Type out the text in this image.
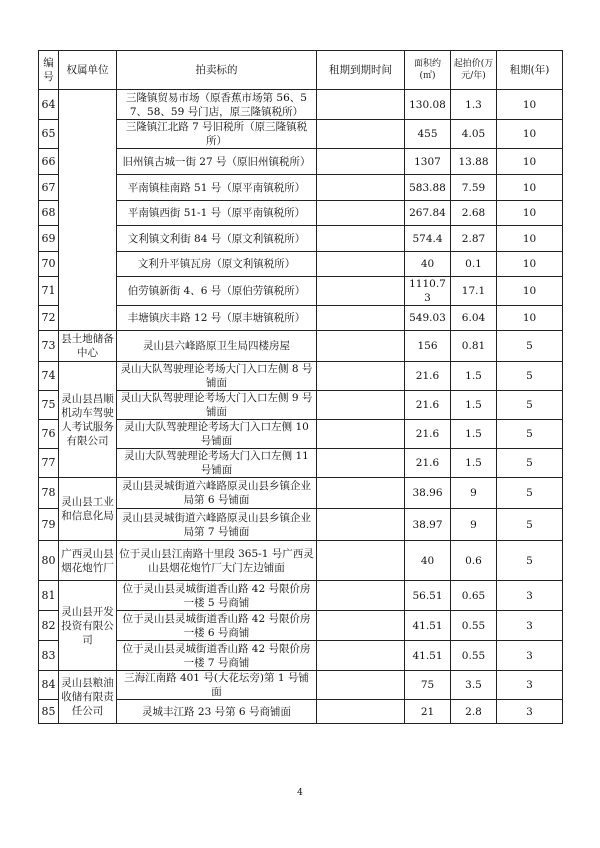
编号	权属单位	拍卖标的	租期到期时间	面积约(㎡)	起拍价(万元/年)	租期(年)
64		三隆镇贸易市场（原香蕉市场第 56、57、58、59 号门店，原三隆镇税所）		130.08	1.3	10
65		三隆镇江北路 7 号旧税所（原三隆镇税所）		455	4.05	10
66		旧州镇古城一街 27 号（原旧州镇税所）		1307	13.88	10
67		平南镇桂南路 51 号（原平南镇税所）		583.88	7.59	10
68		平南镇西街 51-1 号（原平南镇税所）		267.84	2.68	10
69		文利镇文利街 84 号（原文利镇税所）		574.4	2.87	10
70		文利升平镇瓦房（原文利镇税所）		40	0.1	10
71		伯劳镇新街 4、6 号（原伯劳镇税所）		1110.73	17.1	10
72		丰塘镇庆丰路 12 号（原丰塘镇税所）		549.03	6.04	10
73	县土地储备中心	灵山县六峰路原卫生局四楼房屋		156	0.81	5
74	灵山县昌顺机动车驾驶人考试服务有限公司	灵山大队驾驶理论考场大门入口左侧 8 号铺面		21.6	1.5	5
75		灵山大队驾驶理论考场大门入口左侧 9 号铺面		21.6	1.5	5
76		灵山大队驾驶理论考场大门入口左侧 10 号铺面		21.6	1.5	5
77		灵山大队驾驶理论考场大门入口左侧 11 号铺面		21.6	1.5	5
78	灵山县工业和信息化局	灵山县灵城街道六峰路原灵山县乡镇企业局第 6 号铺面		38.96	9	5
79		灵山县灵城街道六峰路原灵山县乡镇企业局第 7 号铺面		38.97	9	5
80	广西灵山县烟花炮竹厂	位于灵山县江南路十里段 365-1 号广西灵山县烟花炮竹厂大门左边铺面		40	0.6	5
81	灵山县开发投资有限公司	位于灵山县灵城街道香山路 42 号限价房一楼 5 号商铺		56.51	0.65	3
82		位于灵山县灵城街道香山路 42 号限价房一楼 6 号商铺		41.51	0.55	3
83		位于灵山县灵城街道香山路 42 号限价房一楼 7 号商铺		41.51	0.55	3
84	灵山县粮油收储有限责任公司	三海江南路 401 号(大花坛旁)第 1 号铺面		75	3.5	3
85		灵城丰江路 23 号第 6 号商铺面		21	2.8	3
4
